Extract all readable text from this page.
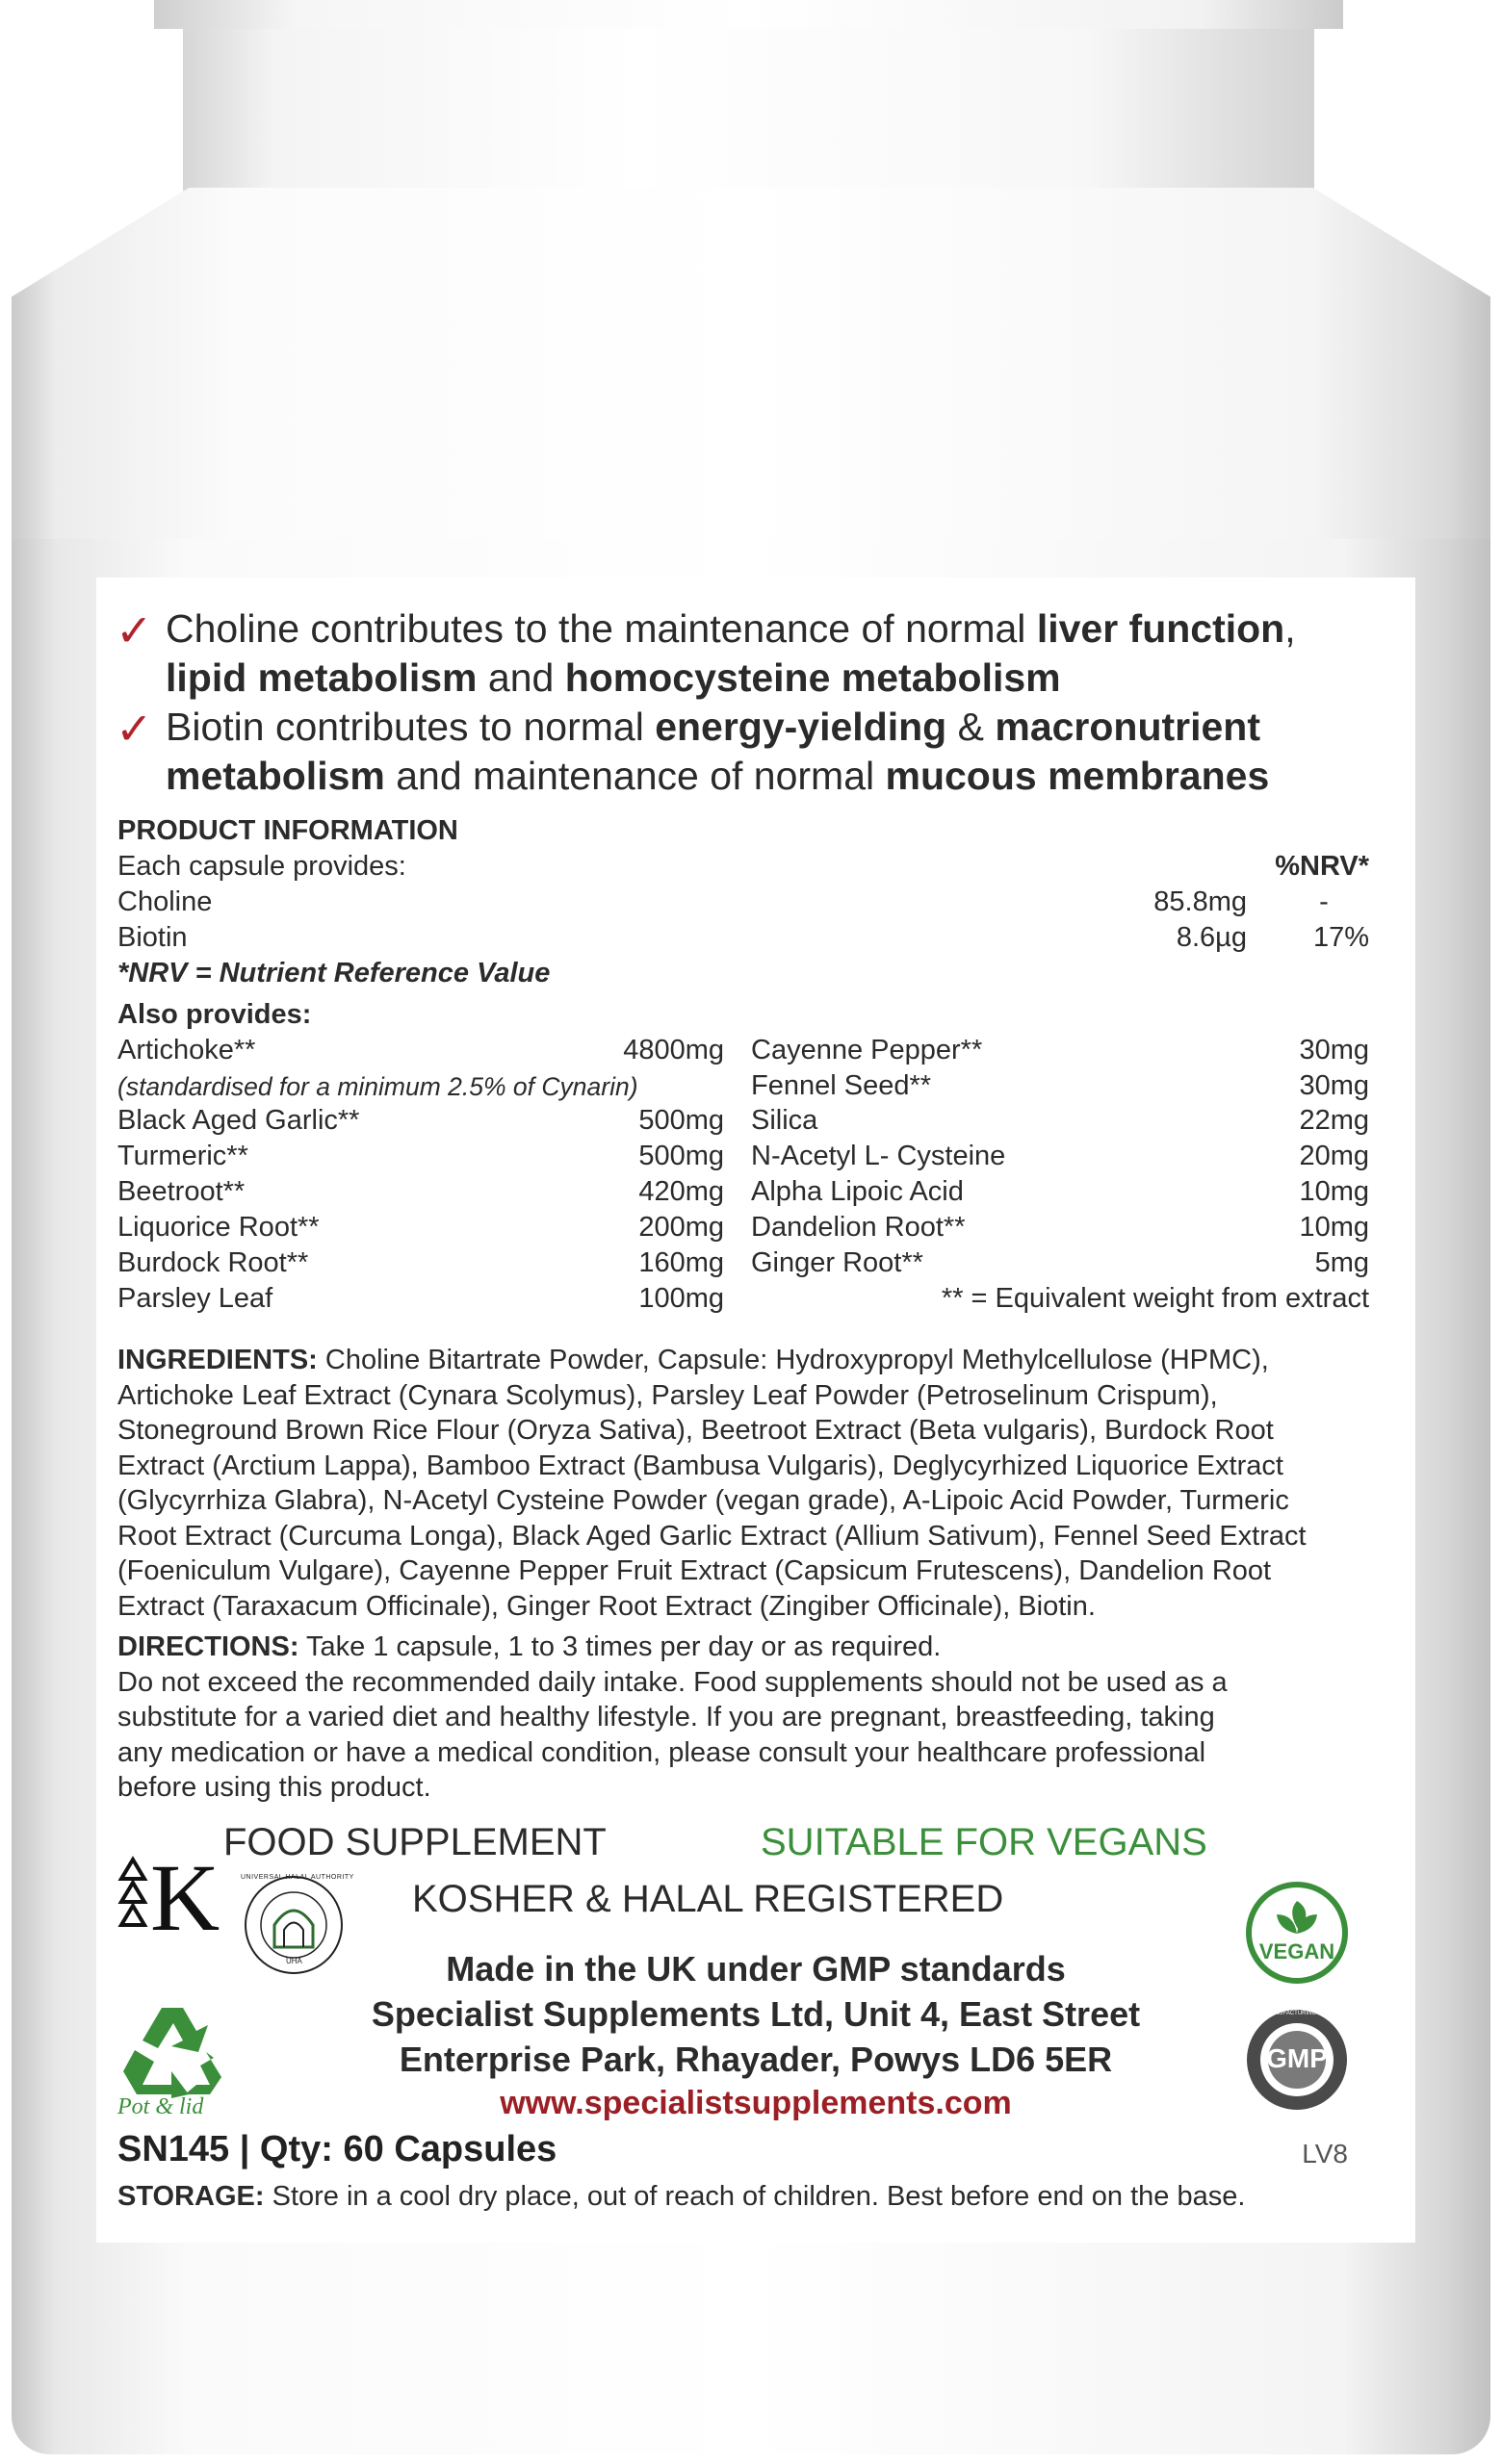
✓ Choline contributes to the maintenance of normal liver function,
lipid metabolism and homocysteine metabolism
✓ Biotin contributes to normal energy-yielding & macronutrient
metabolism and maintenance of normal mucous membranes
PRODUCT INFORMATION
Each capsule provides:	%NRV*
Choline	85.8mg	-
Biotin	8.6µg 17%
*NRV = Nutrient Reference Value
Also provides:
Artichoke**	4800mg
(standardised for a minimum 2.5% of Cynarin)
Black Aged Garlic**	500mg
Turmeric**	500mg
Beetroot**	420mg
Liquorice Root**	200mg
Burdock Root**	160mg
Parsley Leaf	100mg
Cayenne Pepper**	30mg
Fennel Seed**	30mg
Silica	22mg
N-Acetyl L- Cysteine	20mg
Alpha Lipoic Acid	10mg
Dandelion Root**	10mg
Ginger Root**	5mg
** = Equivalent weight from extract
INGREDIENTS: Choline Bitartrate Powder, Capsule: Hydroxypropyl Methylcellulose (HPMC),
Artichoke Leaf Extract (Cynara Scolymus), Parsley Leaf Powder (Petroselinum Crispum),
Stoneground Brown Rice Flour (Oryza Sativa), Beetroot Extract (Beta vulgaris), Burdock Root
Extract (Arctium Lappa), Bamboo Extract (Bambusa Vulgaris), Deglycyrhized Liquorice Extract
(Glycyrrhiza Glabra), N-Acetyl Cysteine Powder (vegan grade), A-Lipoic Acid Powder, Turmeric
Root Extract (Curcuma Longa), Black Aged Garlic Extract (Allium Sativum), Fennel Seed Extract
(Foeniculum Vulgare), Cayenne Pepper Fruit Extract (Capsicum Frutescens), Dandelion Root
Extract (Taraxacum Officinale), Ginger Root Extract (Zingiber Officinale), Biotin.
DIRECTIONS: Take 1 capsule, 1 to 3 times per day or as required.
Do not exceed the recommended daily intake. Food supplements should not be used as a
substitute for a varied diet and healthy lifestyle. If you are pregnant, breastfeeding, taking
any medication or have a medical condition, please consult your healthcare professional
before using this product.
FOOD SUPPLEMENT	SUITABLE FOR VEGANS
KOSHER & HALAL REGISTERED
K
UHA
UNIVERSAL HALAL AUTHORITY
VEGAN
Made in the UK under GMP standards
Specialist Supplements Ltd, Unit 4, East Street
Enterprise Park, Rhayader, Powys LD6 5ER
www.specialistsupplements.com
Pot & lid
GMP
GOOD MANUFACTURING PRACTICE
SN145 | Qty: 60 Capsules	LV8
STORAGE: Store in a cool dry place, out of reach of children. Best before end on the base.
